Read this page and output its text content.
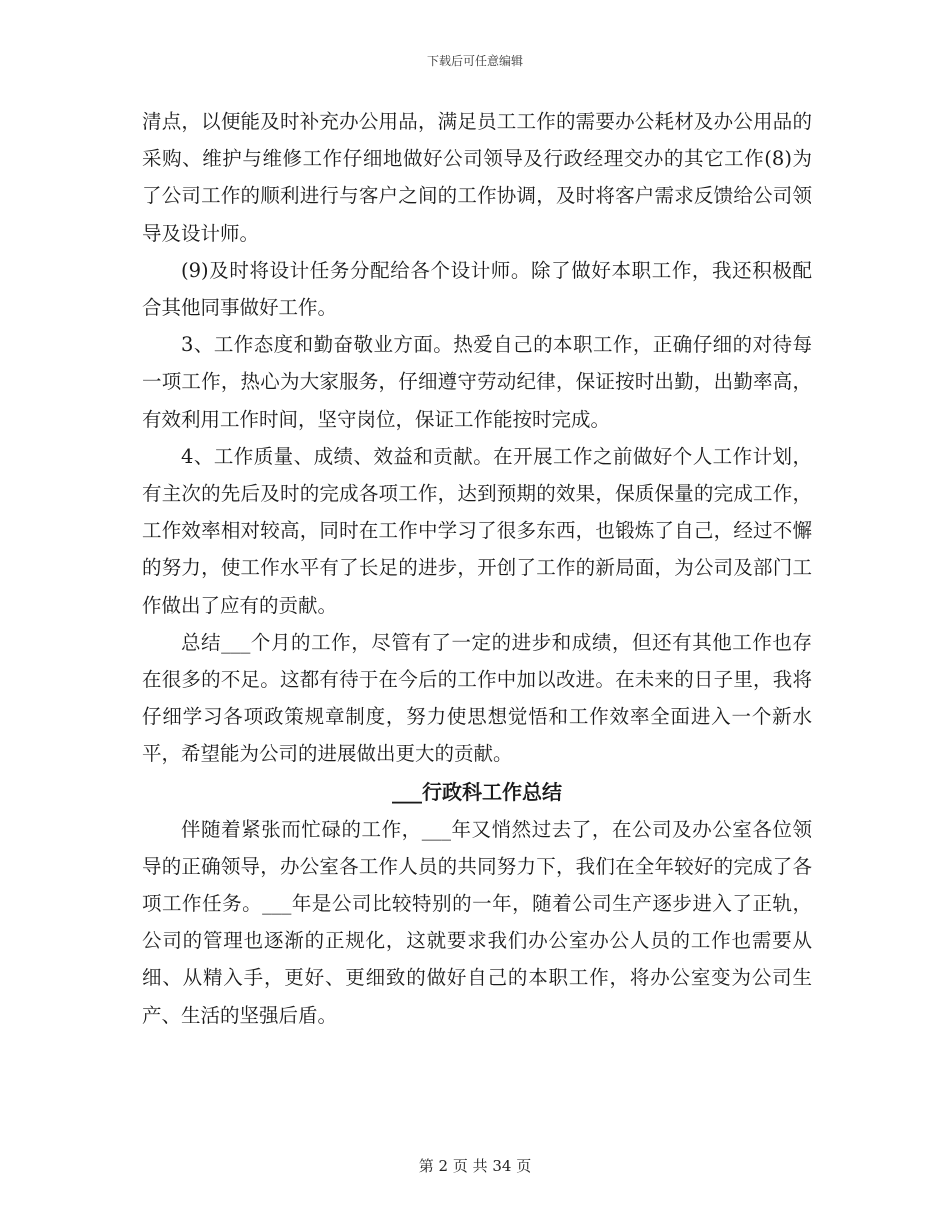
下载后可任意编辑

清点，以便能及时补充办公用品，满足员工工作的需要办公耗材及办公用品的采购、维护与维修工作仔细地做好公司领导及行政经理交办的其它工作(8)为了公司工作的顺利进行与客户之间的工作协调，及时将客户需求反馈给公司领导及设计师。

(9)及时将设计任务分配给各个设计师。除了做好本职工作，我还积极配合其他同事做好工作。

3、工作态度和勤奋敬业方面。热爱自己的本职工作，正确仔细的对待每一项工作，热心为大家服务，仔细遵守劳动纪律，保证按时出勤，出勤率高，有效利用工作时间，坚守岗位，保证工作能按时完成。

4、工作质量、成绩、效益和贡献。在开展工作之前做好个人工作计划，有主次的先后及时的完成各项工作，达到预期的效果，保质保量的完成工作，工作效率相对较高，同时在工作中学习了很多东西，也锻炼了自己，经过不懈的努力，使工作水平有了长足的进步，开创了工作的新局面，为公司及部门工作做出了应有的贡献。

总结___个月的工作，尽管有了一定的进步和成绩，但还有其他工作也存在很多的不足。这都有待于在今后的工作中加以改进。在未来的日子里，我将仔细学习各项政策规章制度，努力使思想觉悟和工作效率全面进入一个新水平，希望能为公司的进展做出更大的贡献。

___行政科工作总结

伴随着紧张而忙碌的工作，___年又悄然过去了，在公司及办公室各位领导的正确领导，办公室各工作人员的共同努力下，我们在全年较好的完成了各项工作任务。___年是公司比较特别的一年，随着公司生产逐步进入了正轨，公司的管理也逐渐的正规化，这就要求我们办公室办公人员的工作也需要从细、从精入手，更好、更细致的做好自己的本职工作，将办公室变为公司生产、生活的坚强后盾。

第 2 页 共 34 页
